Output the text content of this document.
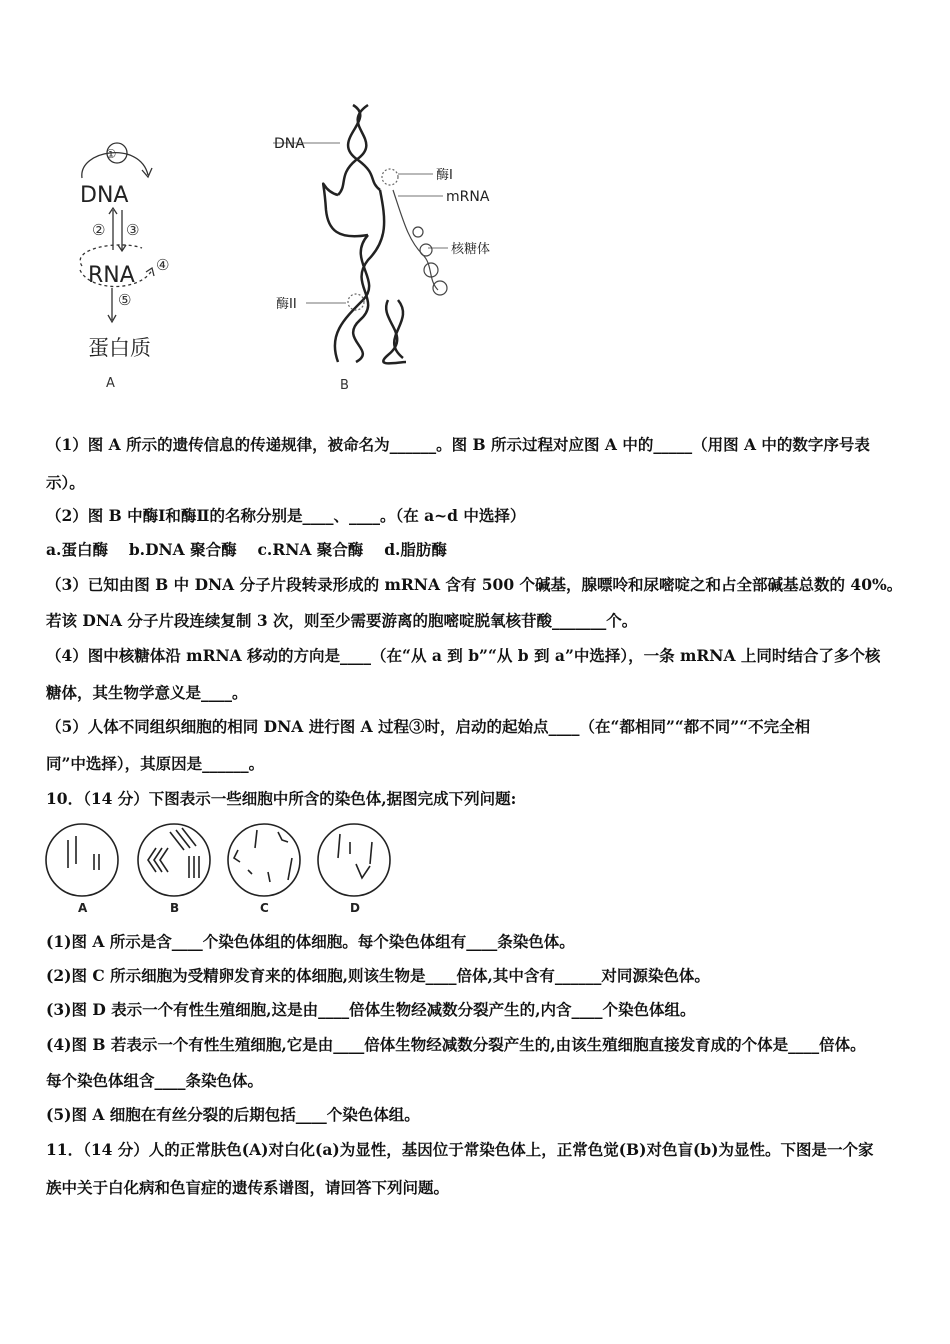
DNA
①
② ③
RNA ④
⑤
蛋白质
A
DNA
酶I
mRNA
核糖体
酶II
B
（1）图 A 所示的遗传信息的传递规律，被命名为______。图 B 所示过程对应图 A 中的_____（用图 A 中的数字序号表
示）。
（2）图 B 中酶Ⅰ和酶Ⅱ的名称分别是____、____。（在 a~d 中选择）
a.蛋白酶　 b.DNA 聚合酶　 c.RNA 聚合酶　 d.脂肪酶
（3）已知由图 B 中 DNA 分子片段转录形成的 mRNA 含有 500 个碱基，腺嘌呤和尿嘧啶之和占全部碱基总数的 40%。
若该 DNA 分子片段连续复制 3 次，则至少需要游离的胞嘧啶脱氧核苷酸_______个。
（4）图中核糖体沿 mRNA 移动的方向是____（在“从 a 到 b”“从 b 到 a”中选择），一条 mRNA 上同时结合了多个核
糖体，其生物学意义是____。
（5）人体不同组织细胞的相同 DNA 进行图 A 过程③时，启动的起始点____（在“都相同”“都不同”“不完全相
同”中选择），其原因是______。
10．（14 分）下图表示一些细胞中所含的染色体,据图完成下列问题:
A	B	C	D
(1)图 A 所示是含____个染色体组的体细胞。每个染色体组有____条染色体。
(2)图 C 所示细胞为受精卵发育来的体细胞,则该生物是____倍体,其中含有______对同源染色体。
(3)图 D 表示一个有性生殖细胞,这是由____倍体生物经减数分裂产生的,内含____个染色体组。
(4)图 B 若表示一个有性生殖细胞,它是由____倍体生物经减数分裂产生的,由该生殖细胞直接发育成的个体是____倍体。
每个染色体组含____条染色体。
(5)图 A 细胞在有丝分裂的后期包括____个染色体组。
11．（14 分）人的正常肤色(A)对白化(a)为显性，基因位于常染色体上，正常色觉(B)对色盲(b)为显性。下图是一个家
族中关于白化病和色盲症的遗传系谱图，请回答下列问题。
